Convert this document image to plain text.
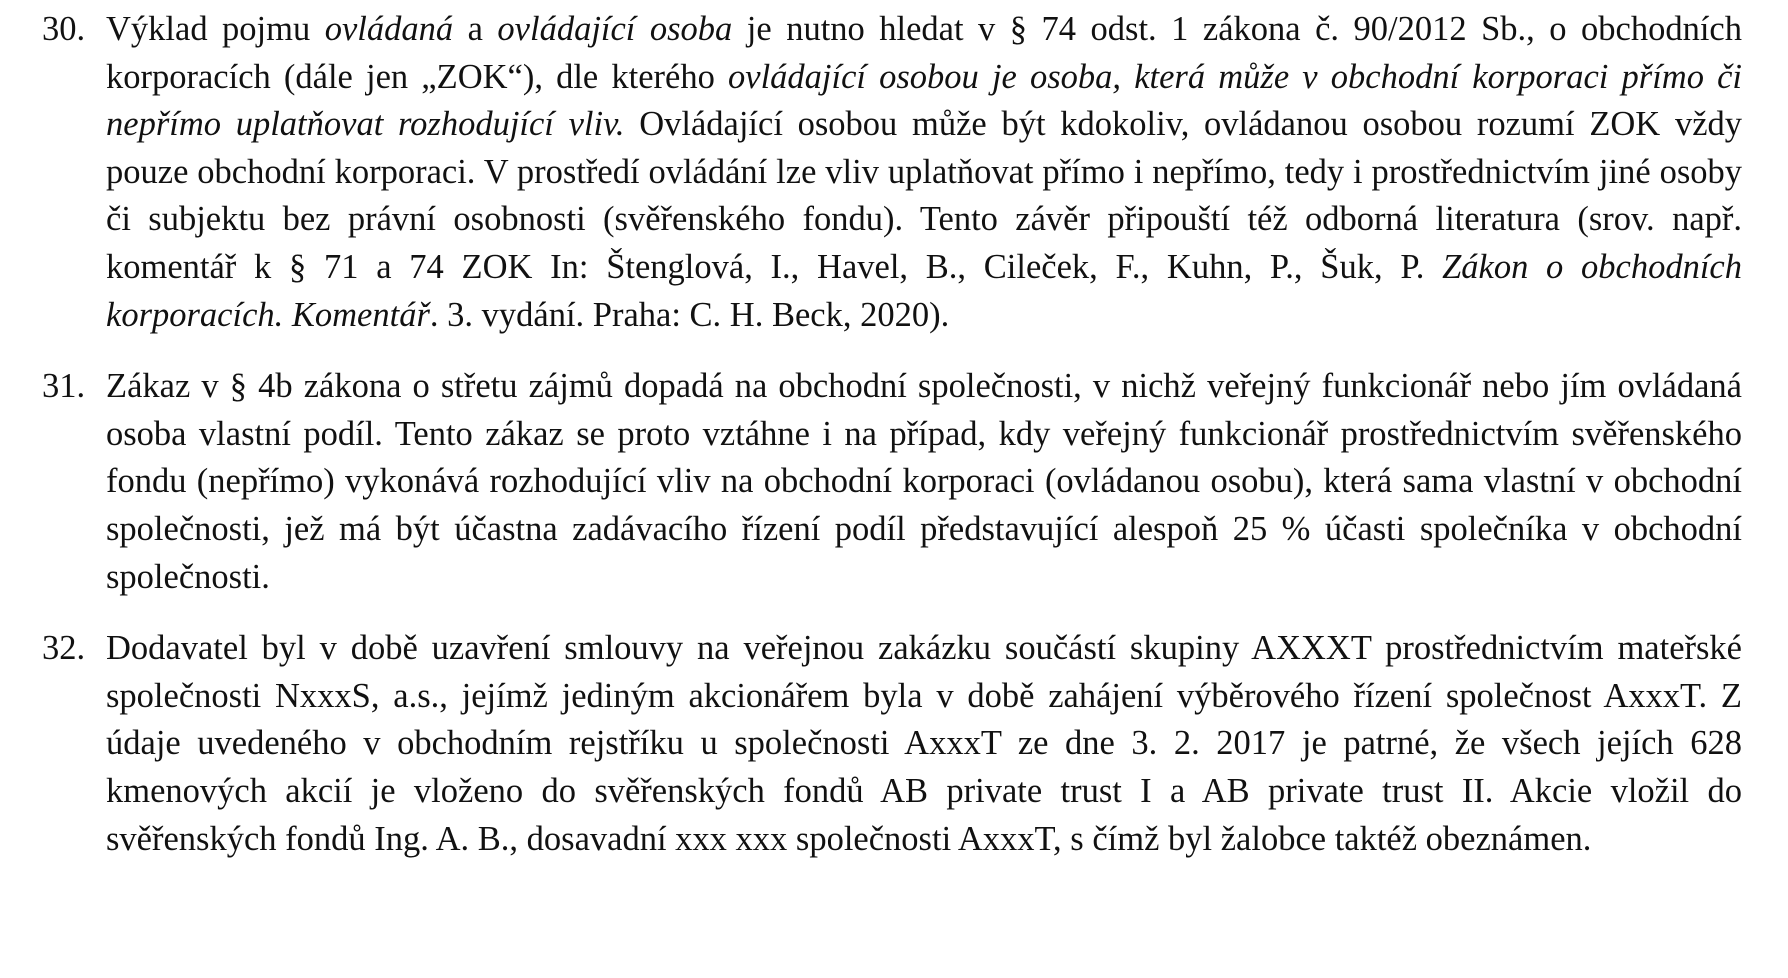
30. Výklad pojmu ovládaná a ovládající osoba je nutno hledat v § 74 odst. 1 zákona č. 90/2012 Sb., o obchodních korporacích (dále jen „ZOK“), dle kterého ovládající osobou je osoba, která může v obchodní korporaci přímo či nepřímo uplatňovat rozhodující vliv. Ovládající osobou může být kdokoliv, ovládanou osobou rozumí ZOK vždy pouze obchodní korporaci. V prostředí ovládání lze vliv uplatňovat přímo i nepřímo, tedy i prostřednictvím jiné osoby či subjektu bez právní osobnosti (svěřenského fondu). Tento závěr připouští též odborná literatura (srov. např. komentář k § 71 a 74 ZOK In: Štenglová, I., Havel, B., Cileček, F., Kuhn, P., Šuk, P. Zákon o obchodních korporacích. Komentář. 3. vydání. Praha: C. H. Beck, 2020).
31. Zákaz v § 4b zákona o střetu zájmů dopadá na obchodní společnosti, v nichž veřejný funkcionář nebo jím ovládaná osoba vlastní podíl. Tento zákaz se proto vztáhne i na případ, kdy veřejný funkcionář prostřednictvím svěřenského fondu (nepřímo) vykonává rozhodující vliv na obchodní korporaci (ovládanou osobu), která sama vlastní v obchodní společnosti, jež má být účastna zadávacího řízení podíl představující alespoň 25 % účasti společníka v obchodní společnosti.
32. Dodavatel byl v době uzavření smlouvy na veřejnou zakázku součástí skupiny AXXXT prostřednictvím mateřské společnosti NxxxS, a.s., jejímž jediným akcionářem byla v době zahájení výběrového řízení společnost AxxxT. Z údaje uvedeného v obchodním rejstříku u společnosti AxxxT ze dne 3. 2. 2017 je patrné, že všech jejích 628 kmenových akcií je vloženo do svěřenských fondů AB private trust I a AB private trust II. Akcie vložil do svěřenských fondů Ing. A. B., dosavadní xxx xxx společnosti AxxxT, s čímž byl žalobce taktéž obeznámen.
